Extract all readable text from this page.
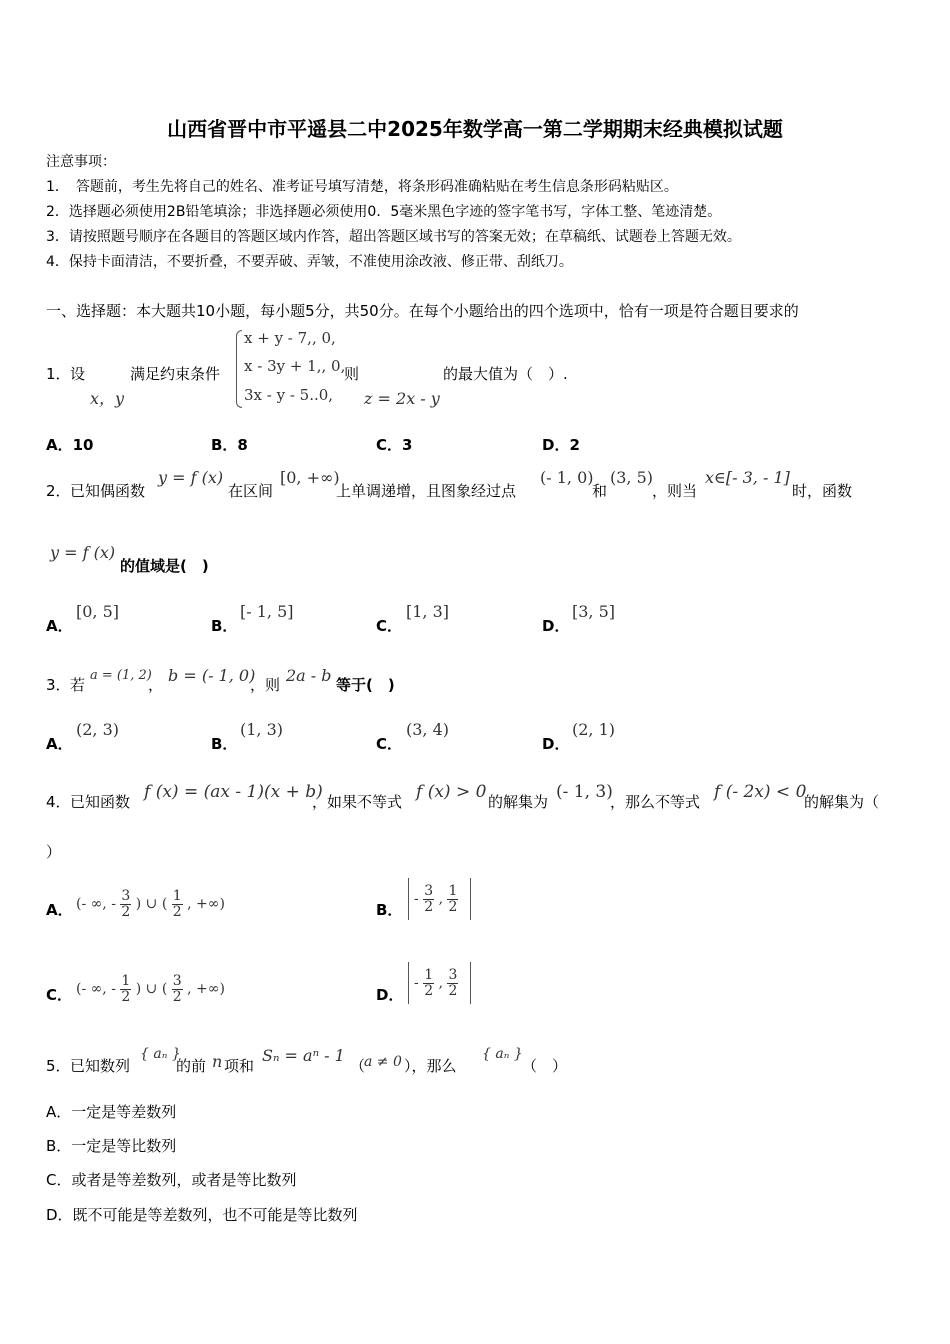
山西省晋中市平遥县二中2025年数学高一第二学期期末经典模拟试题
注意事项：
1．　答题前，考生先将自己的姓名、准考证号填写清楚，将条形码准确粘贴在考生信息条形码粘贴区。
2．选择题必须使用2B铅笔填涂；非选择题必须使用0．5毫米黑色字迹的签字笔书写，字体工整、笔迹清楚。
3．请按照题号顺序在各题目的答题区域内作答，超出答题区域书写的答案无效；在草稿纸、试题卷上答题无效。
4．保持卡面清洁，不要折叠，不要弄破、弄皱，不准使用涂改液、修正带、刮纸刀。
一、选择题：本大题共10小题，每小题5分，共50分。在每个小题给出的四个选项中，恰有一项是符合题目要求的
1． 设
x，y
满足约束条件
x + y - 7,, 0,
x - 3y + 1,, 0,
3x - y - 5..0,
则
z = 2x - y
的最大值为（　）.
A．10	B．8	C．3	D．2
2． 已知偶函数
y = f (x)
在区间
[0, +∞)
上单调递增，且图象经过点
(- 1, 0)
和
(3, 5)
，则当
x∈[- 3, - 1]
时，函数
y = f (x)
的值域是(　)
A．
[0, 5]
B．
[- 1, 5]
C．
[1, 3]
D．
[3, 5]
3． 若
a = (1, 2)
， b = (- 1, 0)
，则 2a - b 等于(　)
A．
(2, 3)
B．
(1, 3)
C．
(3, 4)
D．
(2, 1)
4． 已知函数 f (x) = (ax - 1)(x + b)
，如果不等式 f (x) > 0 的解集为 (- 1, 3)
，那么不等式 f (- 2x) < 0
的解集为（
）
A． (- ∞, - $\frac{3}{2}$ ) ∪ ( $\frac{1}{2}$ , +∞)	B．
- $\frac{3}{2}$ , $\frac{1}{2}$
C． (- ∞, - $\frac{1}{2}$ ) ∪ ( $\frac{3}{2}$ , +∞)	D．
- $\frac{1}{2}$ , $\frac{3}{2}$
5． 已知数列
{ aₙ }
的前 n 项和
Sₙ = aⁿ - 1
（
a ≠ 0 ），那么
{ aₙ }
（　）
A．一定是等差数列
B．一定是等比数列
C．或者是等差数列，或者是等比数列
D．既不可能是等差数列，也不可能是等比数列
